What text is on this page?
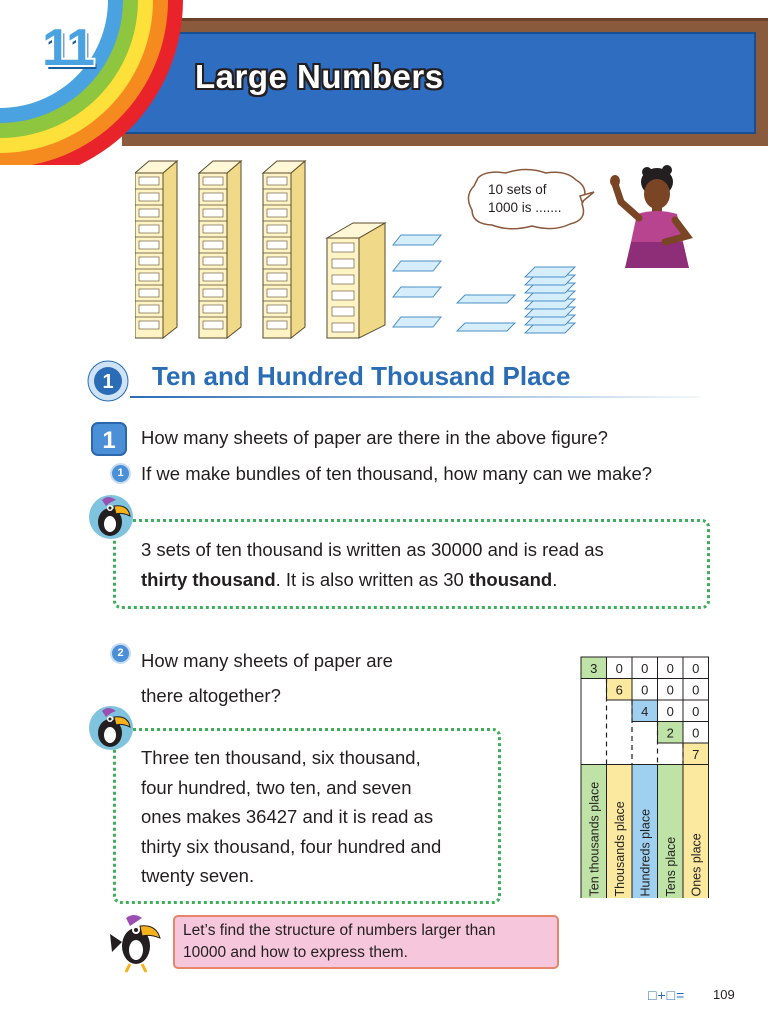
Large Numbers
11
10 sets of
1000 is .......
1 Ten and Hundred Thousand Place
1	How many sheets of paper are there in the above figure?
1 If we make bundles of ten thousand, how many can we make?
3 sets of ten thousand is written as 30000 and is read as
thirty thousand. It is also written as 30 thousand.
2 How many sheets of paper are
there altogether?
Three ten thousand, six thousand,
four hundred, two ten, and seven
ones makes 36427 and it is read as
thirty six thousand, four hundred and
twenty seven.
3 0 0 0 0
6 0 0 0
4 0 0
2 0
7
Ten thousands place Thousands place Hundreds place Tens place Ones place
Let’s find the structure of numbers larger than
10000 and how to express them.
□+□= 109
